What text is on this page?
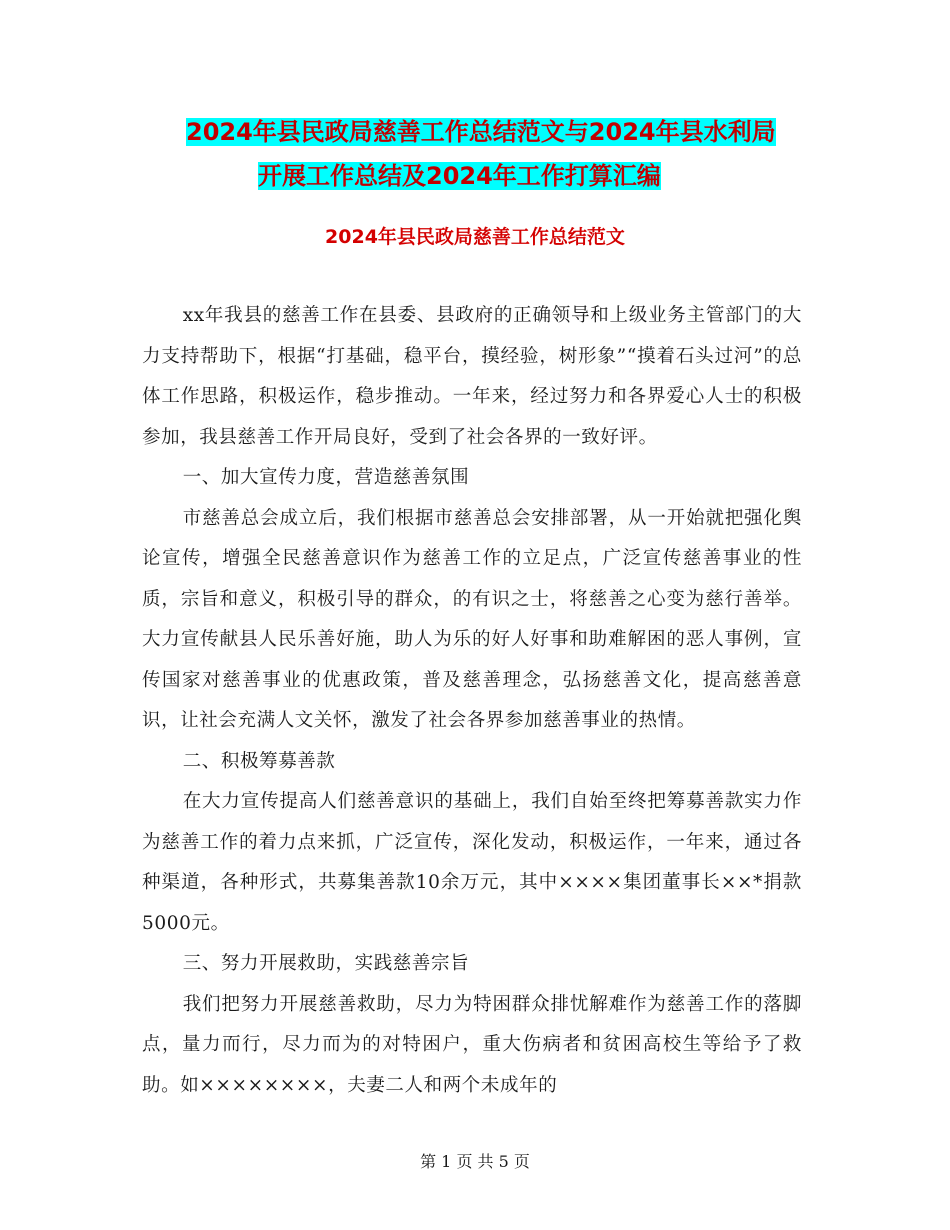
2024年县民政局慈善工作总结范文与2024年县水利局
开展工作总结及2024年工作打算汇编
2024年县民政局慈善工作总结范文

xx年我县的慈善工作在县委、县政府的正确领导和上级业务主管部门的大力支持帮助下，根据“打基础，稳平台，摸经验，树形象”“摸着石头过河”的总体工作思路，积极运作，稳步推动。一年来，经过努力和各界爱心人士的积极参加，我县慈善工作开局良好，受到了社会各界的一致好评。

一、加大宣传力度，营造慈善氛围

市慈善总会成立后，我们根据市慈善总会安排部署，从一开始就把强化舆论宣传，增强全民慈善意识作为慈善工作的立足点，广泛宣传慈善事业的性质，宗旨和意义，积极引导的群众，的有识之士，将慈善之心变为慈行善举。大力宣传献县人民乐善好施，助人为乐的好人好事和助难解困的恶人事例，宣传国家对慈善事业的优惠政策，普及慈善理念，弘扬慈善文化，提高慈善意识，让社会充满人文关怀，激发了社会各界参加慈善事业的热情。

二、积极筹募善款

在大力宣传提高人们慈善意识的基础上，我们自始至终把筹募善款实力作为慈善工作的着力点来抓，广泛宣传，深化发动，积极运作，一年来，通过各种渠道，各种形式，共募集善款10余万元，其中××××集团董事长××*捐款5000元。

三、努力开展救助，实践慈善宗旨

我们把努力开展慈善救助，尽力为特困群众排忧解难作为慈善工作的落脚点，量力而行，尽力而为的对特困户，重大伤病者和贫困高校生等给予了救助。如××××××××，夫妻二人和两个未成年的

第 1 页 共 5 页
